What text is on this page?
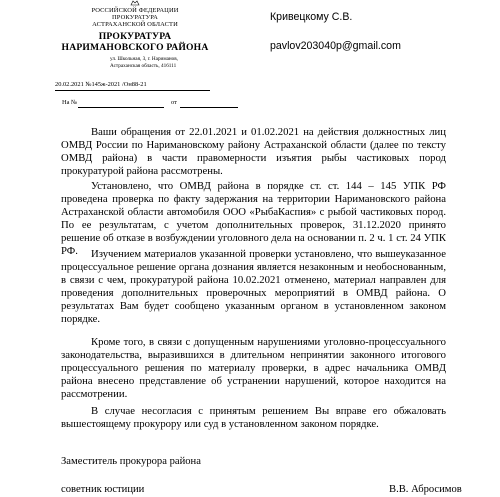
РОССИЙСКОЙ ФЕДЕРАЦИИ
ПРОКУРАТУРА
АСТРАХАНСКОЙ ОБЛАСТИ
ПРОКУРАТУРА
НАРИМАНОВСКОГО РАЙОНА
ул. Школьная, 3, г. Нариманов,
Астраханская область, 416111
20.02.2021 №145ж-2021 /Он88-21
На №	от
Кривецкому С.В.
pavlov203040p@gmail.com
Ваши обращения от 22.01.2021 и 01.02.2021 на действия должностных лиц ОМВД России по Наримановскому району Астраханской области (далее по тексту ОМВД района) в части правомерности изъятия рыбы частиковых пород прокуратурой района рассмотрены.
Установлено, что ОМВД района в порядке ст. ст. 144 – 145 УПК РФ проведена проверка по факту задержания на территории Наримановского района Астраханской области автомобиля ООО «РыбаКаспия» с рыбой частиковых пород. По ее результатам, с учетом дополнительных проверок, 31.12.2020 принято решение об отказе в возбуждении уголовного дела на основании п. 2 ч. 1 ст. 24 УПК РФ.	Изучением материалов указанной проверки установлено, что вышеуказанное процессуальное решение органа дознания является незаконным и необоснованным, в связи с чем, прокуратурой района 10.02.2021 отменено, материал направлен для проведения дополнительных проверочных мероприятий в ОМВД района. О результатах Вам будет сообщено указанным органом в установленном законом порядке.
Кроме того, в связи с допущенным нарушениями уголовно-процессуального законодательства, выразившихся в длительном непринятии законного итогового процессуального решения по материалу проверки, в адрес начальника ОМВД района внесено представление об устранении нарушений, которое находится на рассмотрении.
В случае несогласия с принятым решением Вы вправе его обжаловать вышестоящему прокурору или суд в установленном законом порядке.
Заместитель прокурора района
советник юстиции	В.В. Абросимов
